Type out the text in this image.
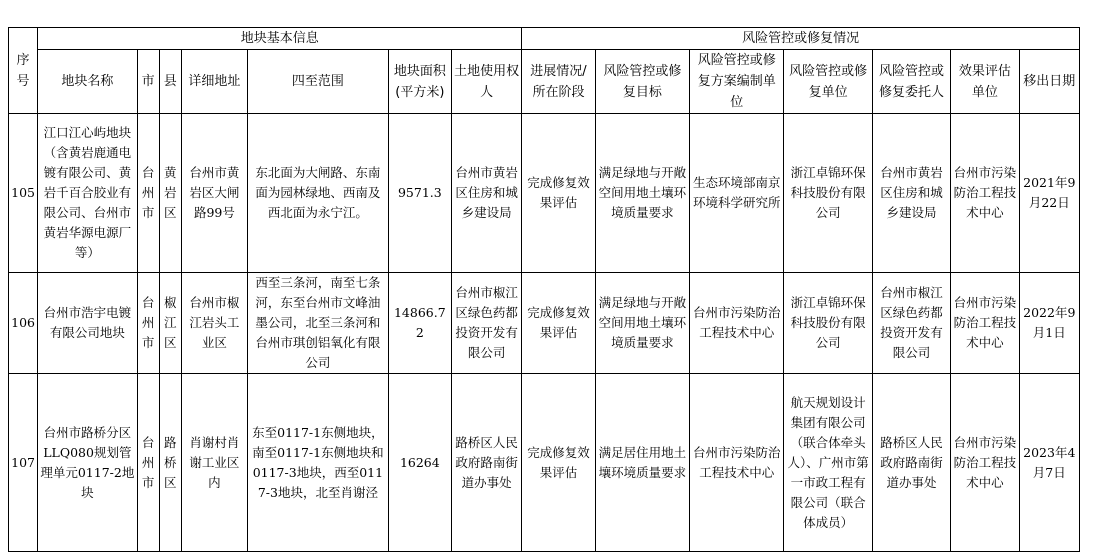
序号	地块基本信息							风险管控或修复情况						
	地块名称	市	县	详细地址	四至范围	地块面积(平方米)	土地使用权人	进展情况/所在阶段	风险管控或修复目标	风险管控或修复方案编制单位	风险管控或修复单位	风险管控或修复委托人	效果评估单位	移出日期
105	江口江心屿地块（含黄岩鹿通电镀有限公司、黄岩千百合胶业有限公司、台州市黄岩华源电源厂等）	台州市	黄岩区	台州市黄岩区大闸路99号	东北面为大闸路、东南面为园林绿地、西南及西北面为永宁江。	9571.3	台州市黄岩区住房和城乡建设局	完成修复效果评估	满足绿地与开敞空间用地土壤环境质量要求	生态环境部南京环境科学研究所	浙江卓锦环保科技股份有限公司	台州市黄岩区住房和城乡建设局	台州市污染防治工程技术中心	2021年9月22日
106	台州市浩宇电镀有限公司地块	台州市	椒江区	台州市椒江岩头工业区	西至三条河，南至七条河，东至台州市文峰油墨公司，北至三条河和台州市琪创铝氧化有限公司	14866.72	台州市椒江区绿色药都投资开发有限公司	完成修复效果评估	满足绿地与开敞空间用地土壤环境质量要求	台州市污染防治工程技术中心	浙江卓锦环保科技股份有限公司	台州市椒江区绿色药都投资开发有限公司	台州市污染防治工程技术中心	2022年9月1日
107	台州市路桥分区LLQ080规划管理单元0117-2地块	台州市	路桥区	肖谢村肖谢工业区内	东至0117-1东侧地块，南至0117-1东侧地块和0117-3地块，西至0117-3地块，北至肖谢泾	16264	路桥区人民政府路南街道办事处	完成修复效果评估	满足居住用地土壤环境质量要求	台州市污染防治工程技术中心	航天规划设计集团有限公司（联合体牵头人）、广州市第一市政工程有限公司（联合体成员）	路桥区人民政府路南街道办事处	台州市污染防治工程技术中心	2023年4月7日
